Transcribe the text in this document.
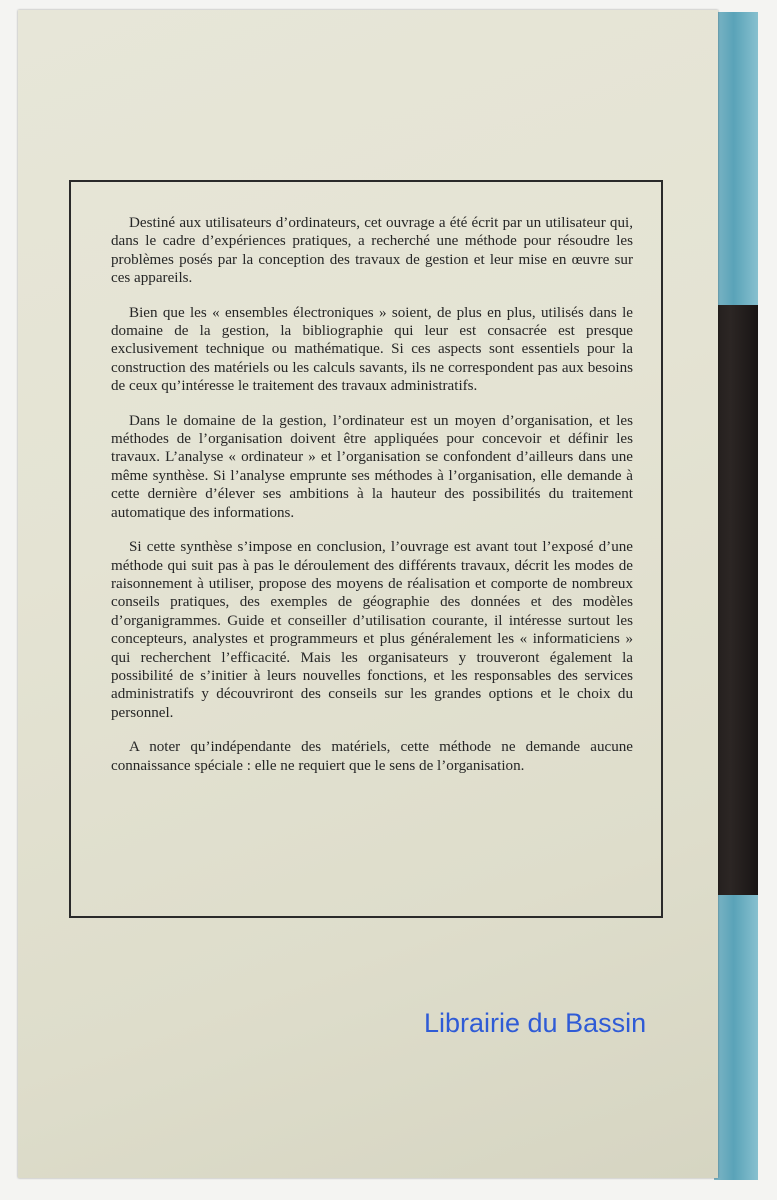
Destiné aux utilisateurs d’ordinateurs, cet ouvrage a été écrit par un utilisateur qui, dans le cadre d’expériences pratiques, a recherché une méthode pour résoudre les problèmes posés par la conception des travaux de gestion et leur mise en œuvre sur ces appareils.

Bien que les « ensembles électroniques » soient, de plus en plus, utilisés dans le domaine de la gestion, la bibliographie qui leur est consacrée est presque exclusivement technique ou mathématique. Si ces aspects sont essentiels pour la construction des matériels ou les calculs savants, ils ne correspondent pas aux besoins de ceux qu’intéresse le traitement des travaux administratifs.

Dans le domaine de la gestion, l’ordinateur est un moyen d’organisation, et les méthodes de l’organisation doivent être appliquées pour concevoir et définir les travaux. L’analyse « ordinateur » et l’organisation se confondent d’ailleurs dans une même synthèse. Si l’analyse emprunte ses méthodes à l’organisation, elle demande à cette dernière d’élever ses ambitions à la hauteur des possibilités du traitement automatique des informations.

Si cette synthèse s’impose en conclusion, l’ouvrage est avant tout l’exposé d’une méthode qui suit pas à pas le déroulement des différents travaux, décrit les modes de raisonnement à utiliser, propose des moyens de réalisation et comporte de nombreux conseils pratiques, des exemples de géographie des données et des modèles d’organigrammes. Guide et conseiller d’utilisation courante, il intéresse surtout les concepteurs, analystes et programmeurs et plus généralement les « informaticiens » qui recherchent l’efficacité. Mais les organisateurs y trouveront également la possibilité de s’initier à leurs nouvelles fonctions, et les responsables des services administratifs y découvriront des conseils sur les grandes options et le choix du personnel.

A noter qu’indépendante des matériels, cette méthode ne demande aucune connaissance spéciale : elle ne requiert que le sens de l’organisation.

Librairie du Bassin
